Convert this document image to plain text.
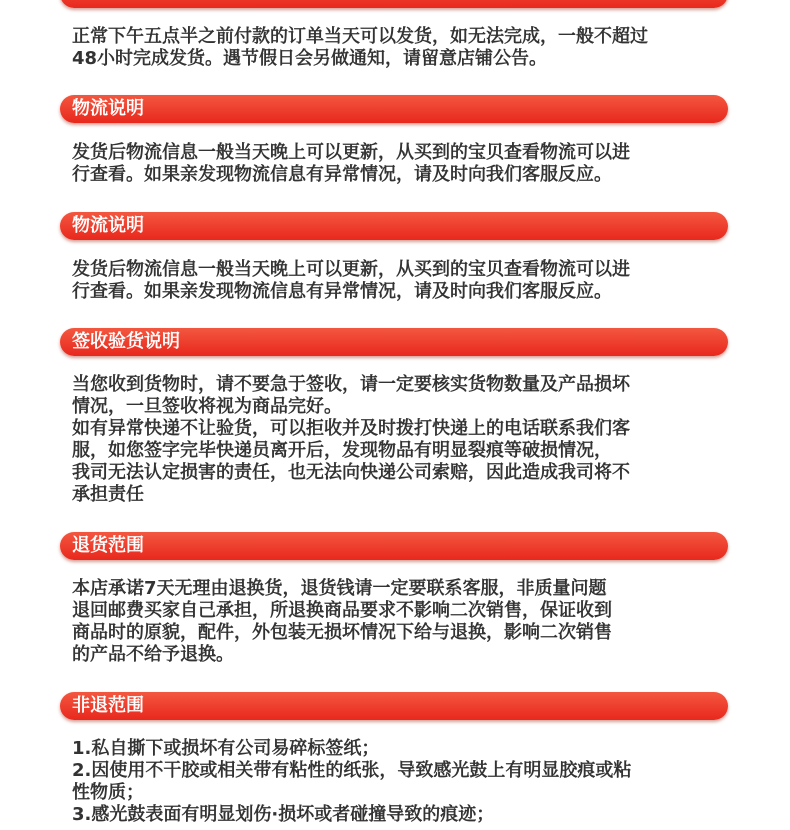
正常下午五点半之前付款的订单当天可以发货，如无法完成，一般不超过
48小时完成发货。遇节假日会另做通知，请留意店铺公告。
物流说明
发货后物流信息一般当天晚上可以更新，从买到的宝贝查看物流可以进
行查看。如果亲发现物流信息有异常情况，请及时向我们客服反应。
物流说明
发货后物流信息一般当天晚上可以更新，从买到的宝贝查看物流可以进
行查看。如果亲发现物流信息有异常情况，请及时向我们客服反应。
签收验货说明
当您收到货物时，请不要急于签收，请一定要核实货物数量及产品损坏
情况，一旦签收将视为商品完好。
如有异常快递不让验货，可以拒收并及时拨打快递上的电话联系我们客
服，如您签字完毕快递员离开后，发现物品有明显裂痕等破损情况，
我司无法认定损害的责任，也无法向快递公司索赔，因此造成我司将不
承担责任
退货范围
本店承诺7天无理由退换货，退货钱请一定要联系客服，非质量问题
退回邮费买家自己承担，所退换商品要求不影响二次销售，保证收到
商品时的原貌，配件，外包装无损坏情况下给与退换，影响二次销售
的产品不给予退换。
非退范围
1.私自撕下或损坏有公司易碎标签纸；
2.因使用不干胶或相关带有粘性的纸张，导致感光鼓上有明显胶痕或粘
性物质；
3.感光鼓表面有明显划伤·损坏或者碰撞导致的痕迹；
